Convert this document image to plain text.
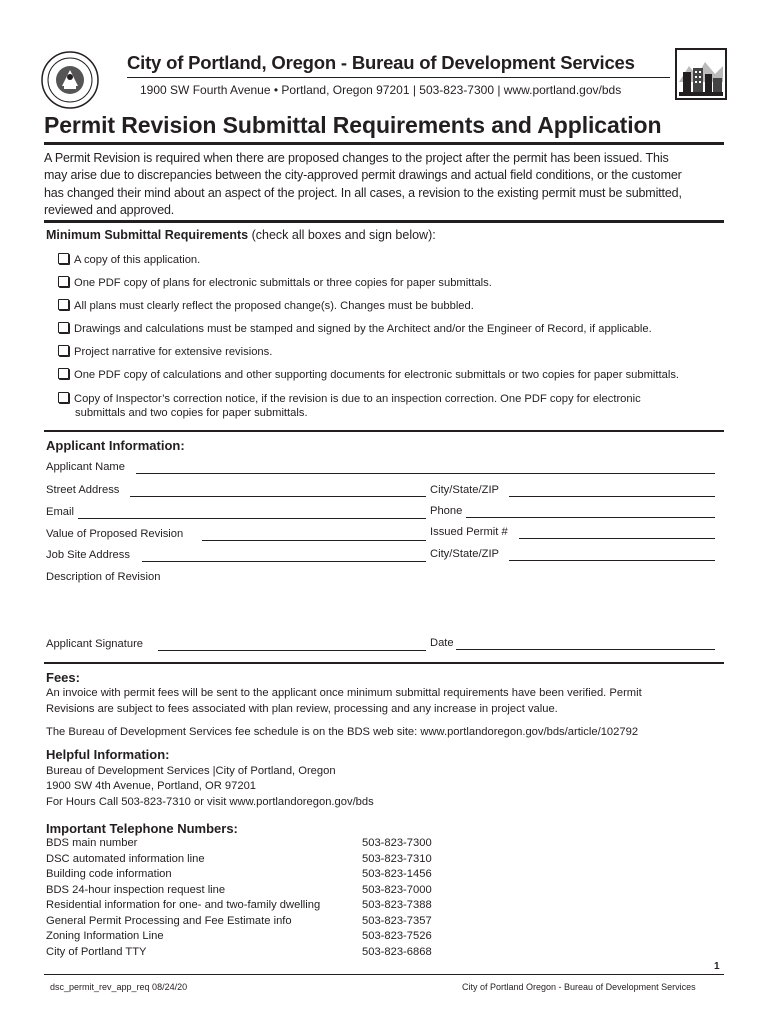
City of Portland, Oregon - Bureau of Development Services
1900 SW Fourth Avenue • Portland, Oregon 97201 | 503-823-7300 | www.portland.gov/bds
Permit Revision Submittal Requirements and Application
A Permit Revision is required when there are proposed changes to the project after the permit has been issued. This
may arise due to discrepancies between the city-approved permit drawings and actual field conditions, or the customer
has changed their mind about an aspect of the project. In all cases, a revision to the existing permit must be submitted,
reviewed and approved.
Minimum Submittal Requirements (check all boxes and sign below):
A copy of this application.
One PDF copy of plans for electronic submittals or three copies for paper submittals.
All plans must clearly reflect the proposed change(s). Changes must be bubbled.
Drawings and calculations must be stamped and signed by the Architect and/or the Engineer of Record, if applicable.
Project narrative for extensive revisions.
One PDF copy of calculations and other supporting documents for electronic submittals or two copies for paper submittals.
Copy of Inspector’s correction notice, if the revision is due to an inspection correction. One PDF copy for electronic
submittals and two copies for paper submittals.
Applicant Information:
Applicant Name
Street Address	City/State/ZIP
Email	Phone
Value of Proposed Revision	Issued Permit #
Job Site Address	City/State/ZIP
Description of Revision
Applicant Signature	Date
Fees:
An invoice with permit fees will be sent to the applicant once minimum submittal requirements have been verified. Permit
Revisions are subject to fees associated with plan review, processing and any increase in project value.
The Bureau of Development Services fee schedule is on the BDS web site: www.portlandoregon.gov/bds/article/102792
Helpful Information:
Bureau of Development Services |City of Portland, Oregon
1900 SW 4th Avenue, Portland, OR 97201
For Hours Call 503-823-7310 or visit www.portlandoregon.gov/bds
Important Telephone Numbers:
BDS main number	503-823-7300
DSC automated information line	503-823-7310
Building code information	503-823-1456
BDS 24-hour inspection request line	503-823-7000
Residential information for one- and two-family dwelling	503-823-7388
General Permit Processing and Fee Estimate info	503-823-7357
Zoning Information Line	503-823-7526
City of Portland TTY	503-823-6868
1
dsc_permit_rev_app_req 08/24/20	City of Portland Oregon - Bureau of Development Services
